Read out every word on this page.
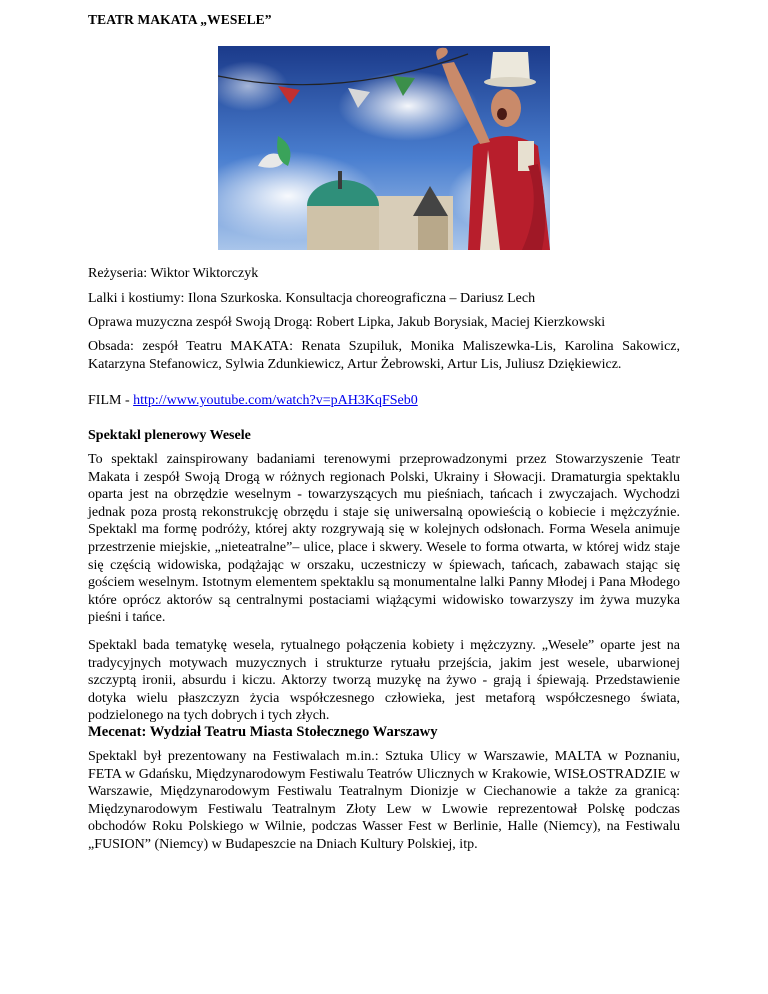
TEATR MAKATA „WESELE”
Reżyseria: Wiktor Wiktorczyk
Lalki i kostiumy: Ilona Szurkoska. Konsultacja choreograficzna – Dariusz Lech
Oprawa muzyczna zespół Swoją Drogą: Robert Lipka, Jakub Borysiak, Maciej Kierzkowski
Obsada: zespół Teatru MAKATA: Renata Szupiluk, Monika Maliszewka-Lis, Karolina Sakowicz, Katarzyna Stefanowicz, Sylwia Zdunkiewicz, Artur Żebrowski, Artur Lis, Juliusz Dziękiewicz.
FILM - http://www.youtube.com/watch?v=pAH3KqFSeb0
Spektakl plenerowy Wesele
To spektakl zainspirowany badaniami terenowymi przeprowadzonymi przez Stowarzyszenie Teatr Makata i zespół Swoją Drogą w różnych regionach Polski, Ukrainy i Słowacji. Dramaturgia spektaklu oparta jest na obrzędzie weselnym - towarzyszących mu pieśniach, tańcach i zwyczajach. Wychodzi jednak poza prostą rekonstrukcję obrzędu i staje się uniwersalną opowieścią o kobiecie i mężczyźnie. Spektakl ma formę podróży, której akty rozgrywają się w kolejnych odsłonach. Forma Wesela animuje przestrzenie miejskie, „nieteatralne”– ulice, place i skwery. Wesele to forma otwarta, w której widz staje się częścią widowiska, podążając w orszaku, uczestniczy w śpiewach, tańcach, zabawach stając się gościem weselnym. Istotnym elementem spektaklu są monumentalne lalki Panny Młodej i Pana Młodego które oprócz aktorów są centralnymi postaciami wiążącymi widowisko towarzyszy im żywa muzyka pieśni i tańce.
Spektakl bada tematykę wesela, rytualnego połączenia kobiety i mężczyzny. „Wesele” oparte jest na tradycyjnych motywach muzycznych i strukturze rytuału przejścia, jakim jest wesele, ubarwionej szczyptą ironii, absurdu i kiczu. Aktorzy tworzą muzykę na żywo - grają i śpiewają. Przedstawienie dotyka wielu płaszczyzn życia współczesnego człowieka, jest metaforą współczesnego świata, podzielonego na tych dobrych i tych złych.
Mecenat: Wydział Teatru Miasta Stołecznego Warszawy
Spektakl był prezentowany na Festiwalach m.in.: Sztuka Ulicy w Warszawie, MALTA w Poznaniu, FETA w Gdańsku, Międzynarodowym Festiwalu Teatrów Ulicznych w Krakowie, WISŁOSTRADZIE w Warszawie, Międzynarodowym Festiwalu Teatralnym Dionizje w Ciechanowie a także za granicą: Międzynarodowym Festiwalu Teatralnym Złoty Lew w Lwowie reprezentował Polskę podczas obchodów Roku Polskiego w Wilnie, podczas Wasser Fest w Berlinie, Halle (Niemcy), na Festiwalu „FUSION” (Niemcy) w Budapeszcie na Dniach Kultury Polskiej, itp.
